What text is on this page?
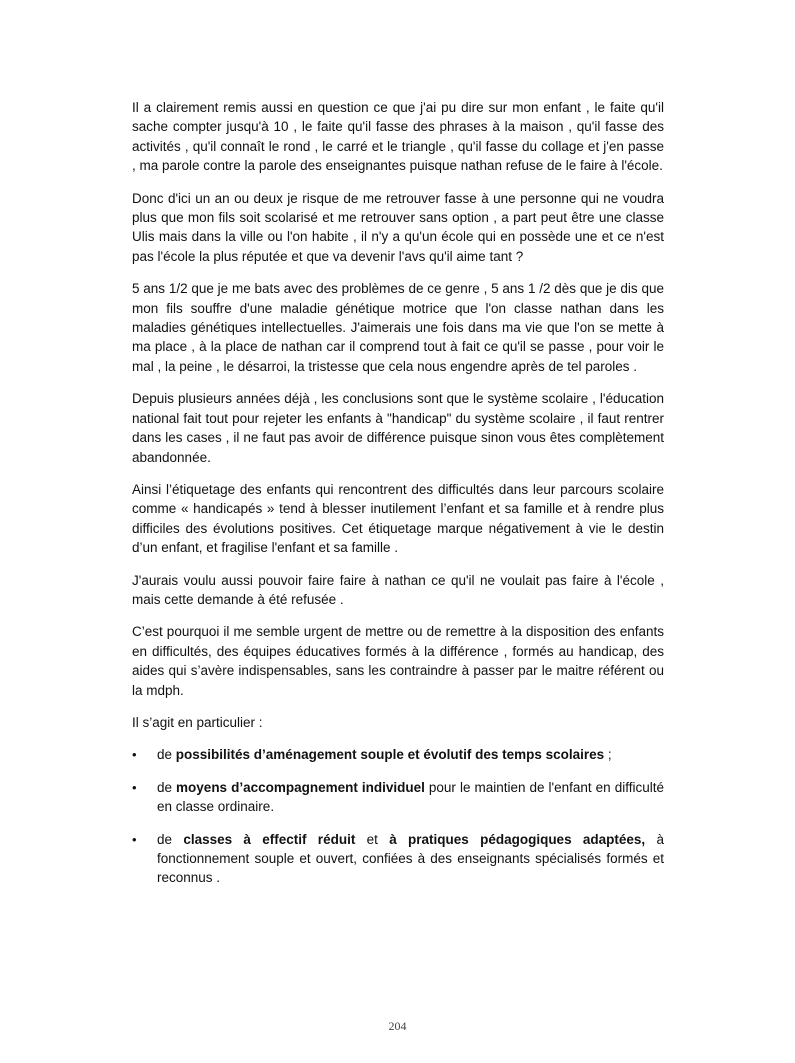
Il a clairement remis aussi en question ce que j'ai pu dire sur mon enfant , le faite qu'il sache compter jusqu'à 10 , le faite qu'il fasse des phrases à la maison , qu'il fasse des activités , qu'il connaît le rond , le carré et le triangle , qu'il fasse du collage et j'en passe , ma parole contre la parole des enseignantes puisque nathan refuse de le faire à l'école.

Donc d'ici un an ou deux je risque de me retrouver fasse à une personne qui ne voudra plus que mon fils soit scolarisé et me retrouver sans option , a part peut être une classe Ulis mais dans la ville ou l'on habite , il n'y a qu'un école qui en possède une et ce n'est pas l'école la plus réputée et que va devenir l'avs qu'il aime tant ?

5 ans 1/2 que je me bats avec des problèmes de ce genre , 5 ans 1 /2 dès que je dis que mon fils souffre d'une maladie génétique motrice que l'on classe nathan dans les maladies génétiques intellectuelles. J'aimerais une fois dans ma vie que l'on se mette à ma place , à la place de nathan car il comprend tout à fait ce qu'il se passe , pour voir le mal , la peine , le désarroi, la tristesse que cela nous engendre après de tel paroles .

Depuis plusieurs années déjà , les conclusions sont que le système scolaire , l'éducation national fait tout pour rejeter les enfants à "handicap" du système scolaire , il faut rentrer dans les cases , il ne faut pas avoir de différence puisque sinon vous êtes complètement abandonnée.

Ainsi l’étiquetage des enfants qui rencontrent des difficultés dans leur parcours scolaire comme « handicapés » tend à blesser inutilement l’enfant et sa famille et à rendre plus difficiles des évolutions positives. Cet étiquetage marque négativement à vie le destin d’un enfant, et fragilise l'enfant et sa famille .

J'aurais voulu aussi pouvoir faire faire à nathan ce qu'il ne voulait pas faire à l'école , mais cette demande à été refusée .

C’est pourquoi il me semble urgent de mettre ou de remettre à la disposition des enfants en difficultés, des équipes éducatives formés à la différence , formés au handicap, des aides qui s’avère indispensables, sans les contraindre à passer par le maitre référent ou la mdph.

Il s’agit en particulier :

• de possibilités d’aménagement souple et évolutif des temps scolaires ;
• de moyens d’accompagnement individuel pour le maintien de l'enfant en difficulté en classe ordinaire.
• de classes à effectif réduit et à pratiques pédagogiques adaptées, à fonctionnement souple et ouvert, confiées à des enseignants spécialisés formés et reconnus .
204
